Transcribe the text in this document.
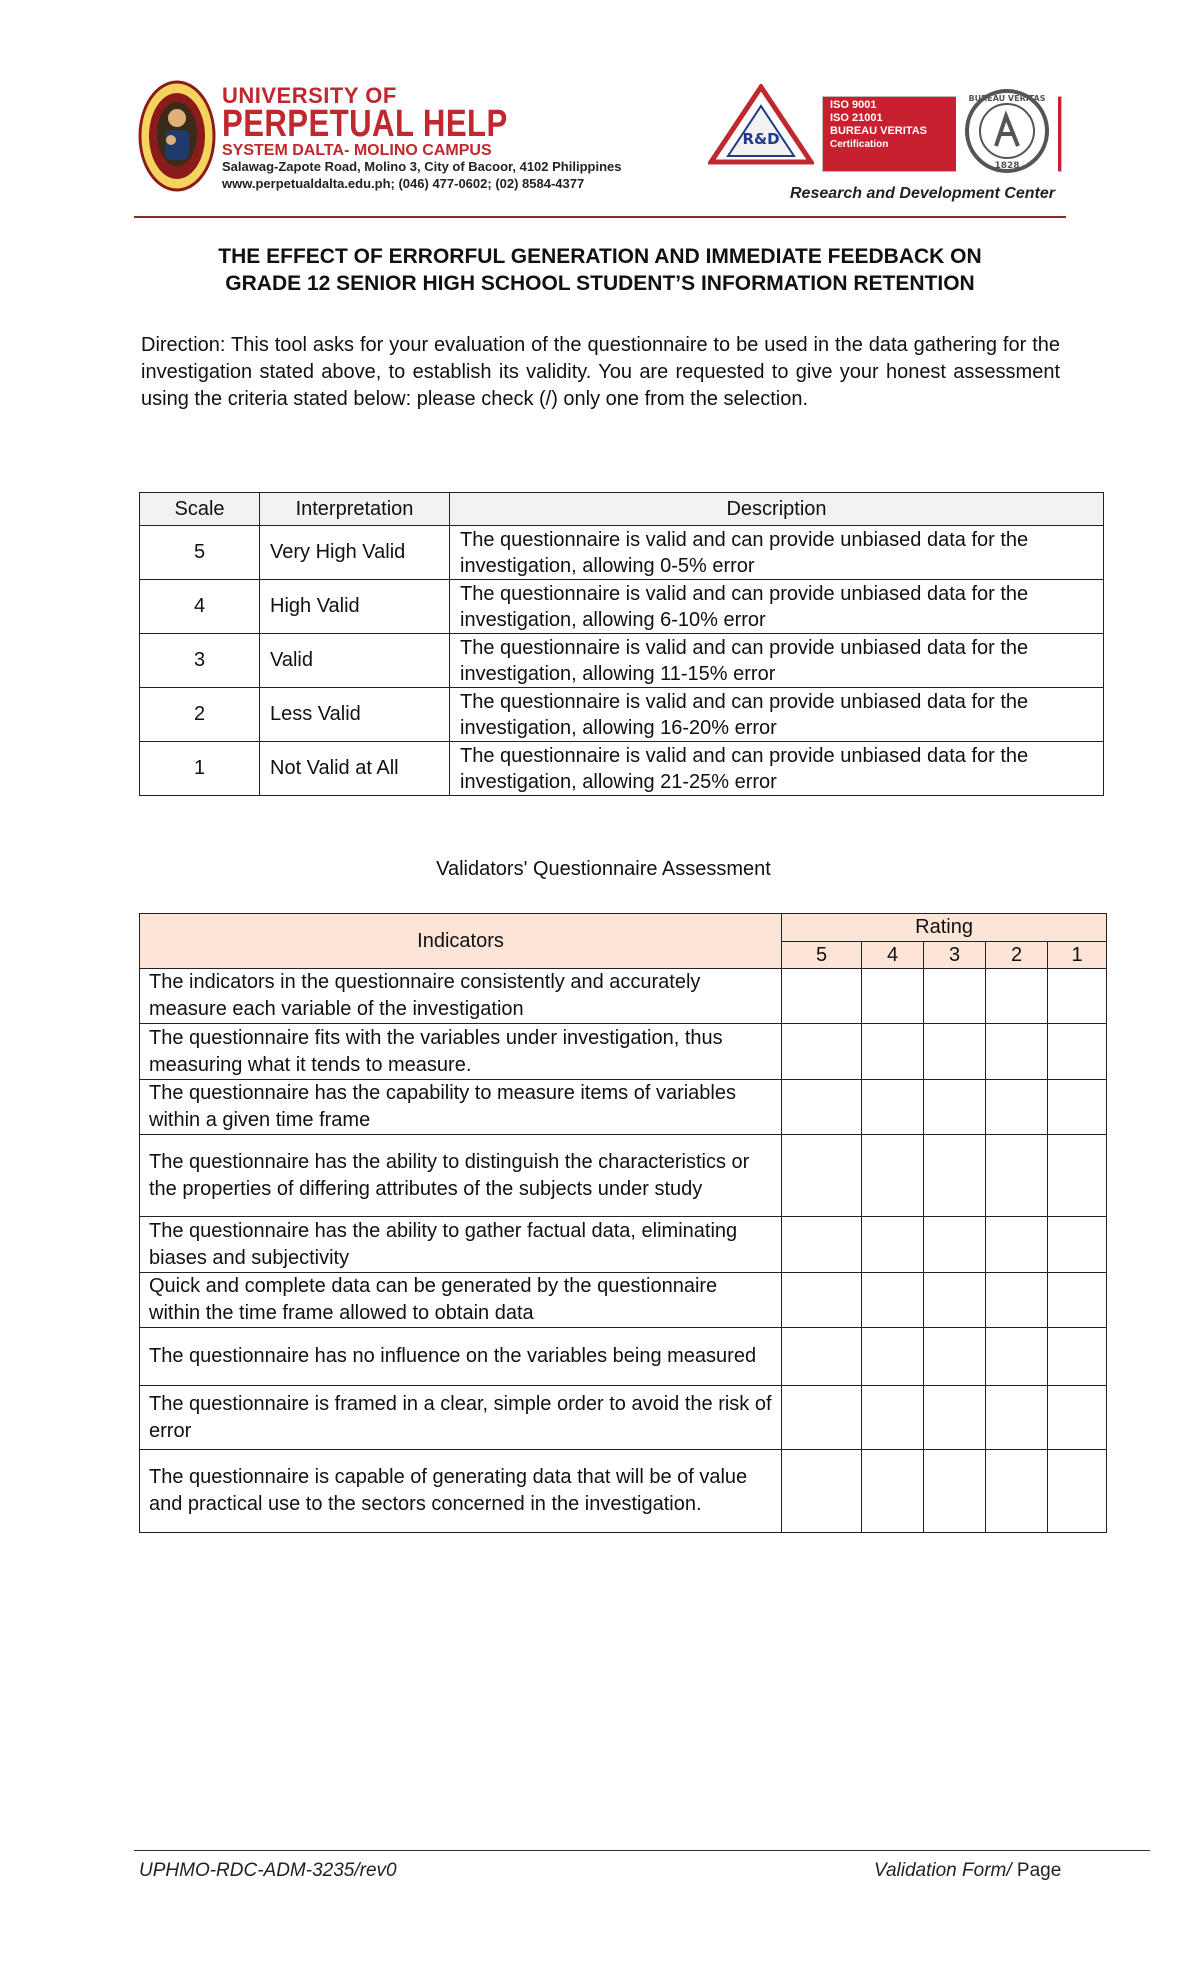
UNIVERSITY OF
PERPETUAL HELP
SYSTEM DALTA- MOLINO CAMPUS
Salawag-Zapote Road, Molino 3, City of Bacoor, 4102 Philippines
www.perpetualdalta.edu.ph; (046) 477-0602; (02) 8584-4377
R&D
ISO 9001
ISO 21001
BUREAU VERITAS
Certification
BUREAU VERITAS
1828
Research and Development Center
THE EFFECT OF ERRORFUL GENERATION AND IMMEDIATE FEEDBACK ON
GRADE 12 SENIOR HIGH SCHOOL STUDENT’S INFORMATION RETENTION
Direction: This tool asks for your evaluation of the questionnaire to be used in the data gathering for the investigation stated above, to establish its validity. You are requested to give your honest assessment using the criteria stated below: please check (/) only one from the selection.
Scale	Interpretation	Description
5	Very High Valid	The questionnaire is valid and can provide unbiased data for the investigation, allowing 0-5% error
4	High Valid	The questionnaire is valid and can provide unbiased data for the investigation, allowing 6-10% error
3	Valid	The questionnaire is valid and can provide unbiased data for the investigation, allowing 11-15% error
2	Less Valid	The questionnaire is valid and can provide unbiased data for the investigation, allowing 16-20% error
1	Not Valid at All	The questionnaire is valid and can provide unbiased data for the investigation, allowing 21-25% error
Validators' Questionnaire Assessment
Indicators	Rating				
	5	4	3	2	1
The indicators in the questionnaire consistently and accurately measure each variable of the investigation					
The questionnaire fits with the variables under investigation, thus measuring what it tends to measure.					
The questionnaire has the capability to measure items of variables within a given time frame					
The questionnaire has the ability to distinguish the characteristics or the properties of differing attributes of the subjects under study					
The questionnaire has the ability to gather factual data, eliminating biases and subjectivity					
Quick and complete data can be generated by the questionnaire within the time frame allowed to obtain data					
The questionnaire has no influence on the variables being measured					
The questionnaire is framed in a clear, simple order to avoid the risk of error					
The questionnaire is capable of generating data that will be of value and practical use to the sectors concerned in the investigation.					
UPHMO-RDC-ADM-3235/rev0	Validation Form/ Page
